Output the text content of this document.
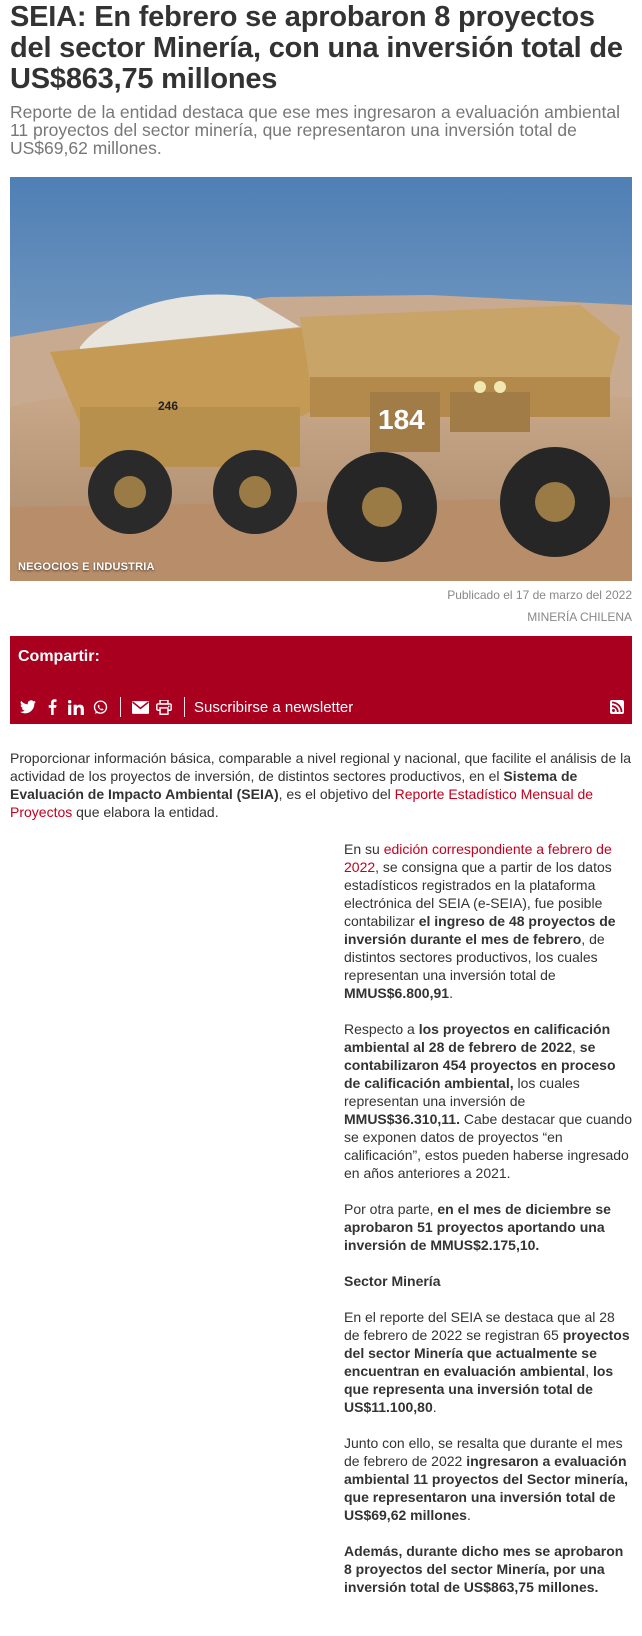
SEIA: En febrero se aprobaron 8 proyectos del sector Minería, con una inversión total de US$863,75 millones
Reporte de la entidad destaca que ese mes ingresaron a evaluación ambiental 11 proyectos del sector minería, que representaron una inversión total de US$69,62 millones.
246	184
NEGOCIOS E INDUSTRIA
Publicado el 17 de marzo del 2022
MINERÍA CHILENA
Compartir:
Suscribirse a newsletter
Proporcionar información básica, comparable a nivel regional y nacional, que facilite el análisis de la actividad de los proyectos de inversión, de distintos sectores productivos, en el Sistema de Evaluación de Impacto Ambiental (SEIA), es el objetivo del Reporte Estadístico Mensual de Proyectos que elabora la entidad.

En su edición correspondiente a febrero de 2022, se consigna que a partir de los datos estadísticos registrados en la plataforma electrónica del SEIA (e-SEIA), fue posible contabilizar el ingreso de 48 proyectos de inversión durante el mes de febrero, de distintos sectores productivos, los cuales representan una inversión total de MMUS$6.800,91.

Respecto a los proyectos en calificación ambiental al 28 de febrero de 2022, se contabilizaron 454 proyectos en proceso de calificación ambiental, los cuales representan una inversión de MMUS$36.310,11. Cabe destacar que cuando se exponen datos de proyectos “en calificación”, estos pueden haberse ingresado en años anteriores a 2021.

Por otra parte, en el mes de diciembre se aprobaron 51 proyectos aportando una inversión de MMUS$2.175,10.

Sector Minería

En el reporte del SEIA se destaca que al 28 de febrero de 2022 se registran 65 proyectos del sector Minería que actualmente se encuentran en evaluación ambiental, los que representa una inversión total de US$11.100,80.

Junto con ello, se resalta que durante el mes de febrero de 2022 ingresaron a evaluación ambiental 11 proyectos del Sector minería, que representaron una inversión total de US$69,62 millones.

Además, durante dicho mes se aprobaron 8 proyectos del sector Minería, por una inversión total de US$863,75 millones.
